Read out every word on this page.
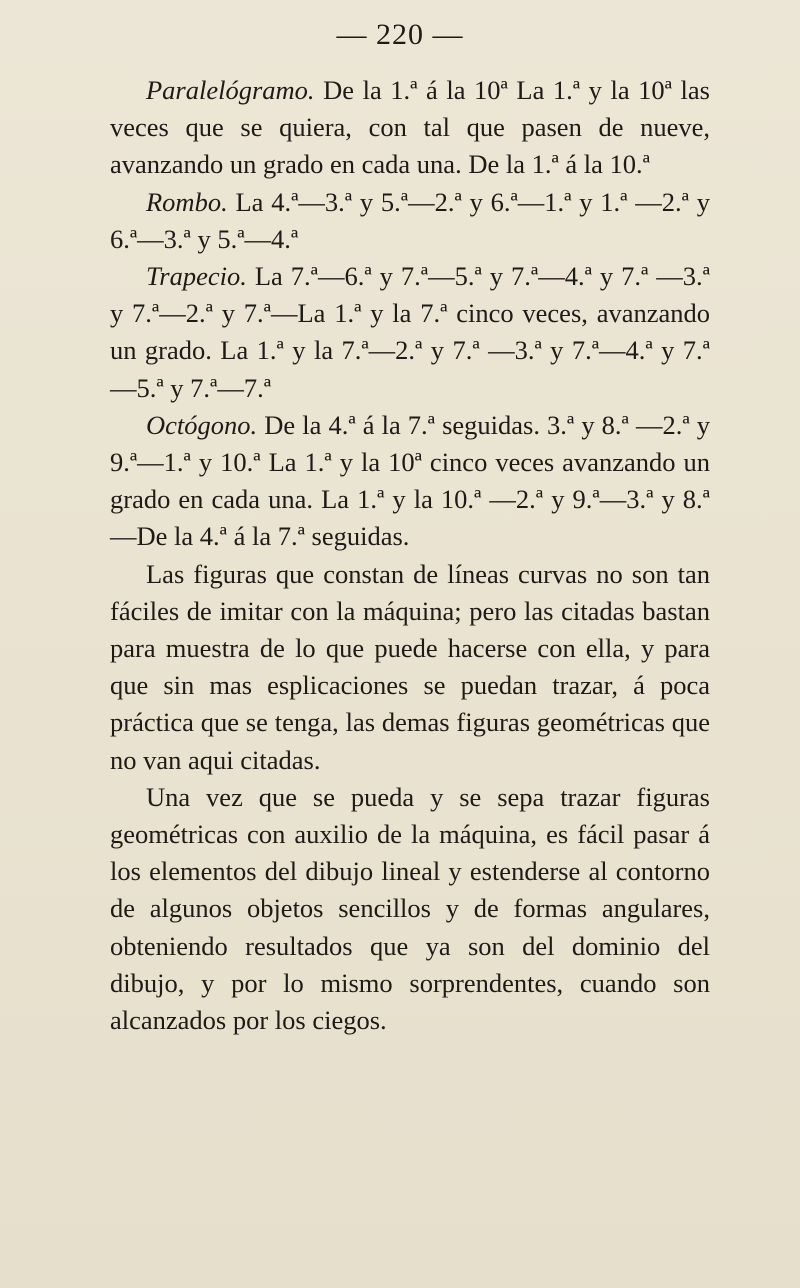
— 220 —

Paralelógramo. De la 1.ª á la 10ª La 1.ª y la 10ª las veces que se quiera, con tal que pasen de nueve, avanzando un grado en cada una. De la 1.ª á la 10.ª

Rombo. La 4.ª—3.ª y 5.ª—2.ª y 6.ª—1.ª y 1.ª —2.ª y 6.ª—3.ª y 5.ª—4.ª

Trapecio. La 7.ª—6.ª y 7.ª—5.ª y 7.ª—4.ª y 7.ª —3.ª y 7.ª—2.ª y 7.ª—La 1.ª y la 7.ª cinco veces, avanzando un grado. La 1.ª y la 7.ª—2.ª y 7.ª —3.ª y 7.ª—4.ª y 7.ª—5.ª y 7.ª—7.ª

Octógono. De la 4.ª á la 7.ª seguidas. 3.ª y 8.ª —2.ª y 9.ª—1.ª y 10.ª La 1.ª y la 10ª cinco veces avanzando un grado en cada una. La 1.ª y la 10.ª —2.ª y 9.ª—3.ª y 8.ª—De la 4.ª á la 7.ª seguidas.

Las figuras que constan de líneas curvas no son tan fáciles de imitar con la máquina; pero las citadas bastan para muestra de lo que puede hacerse con ella, y para que sin mas esplicaciones se puedan trazar, á poca práctica que se tenga, las demas figuras geométricas que no van aqui citadas.

Una vez que se pueda y se sepa trazar figuras geométricas con auxilio de la máquina, es fácil pasar á los elementos del dibujo lineal y estenderse al contorno de algunos objetos sencillos y de formas angulares, obteniendo resultados que ya son del dominio del dibujo, y por lo mismo sorprendentes, cuando son alcanzados por los ciegos.
